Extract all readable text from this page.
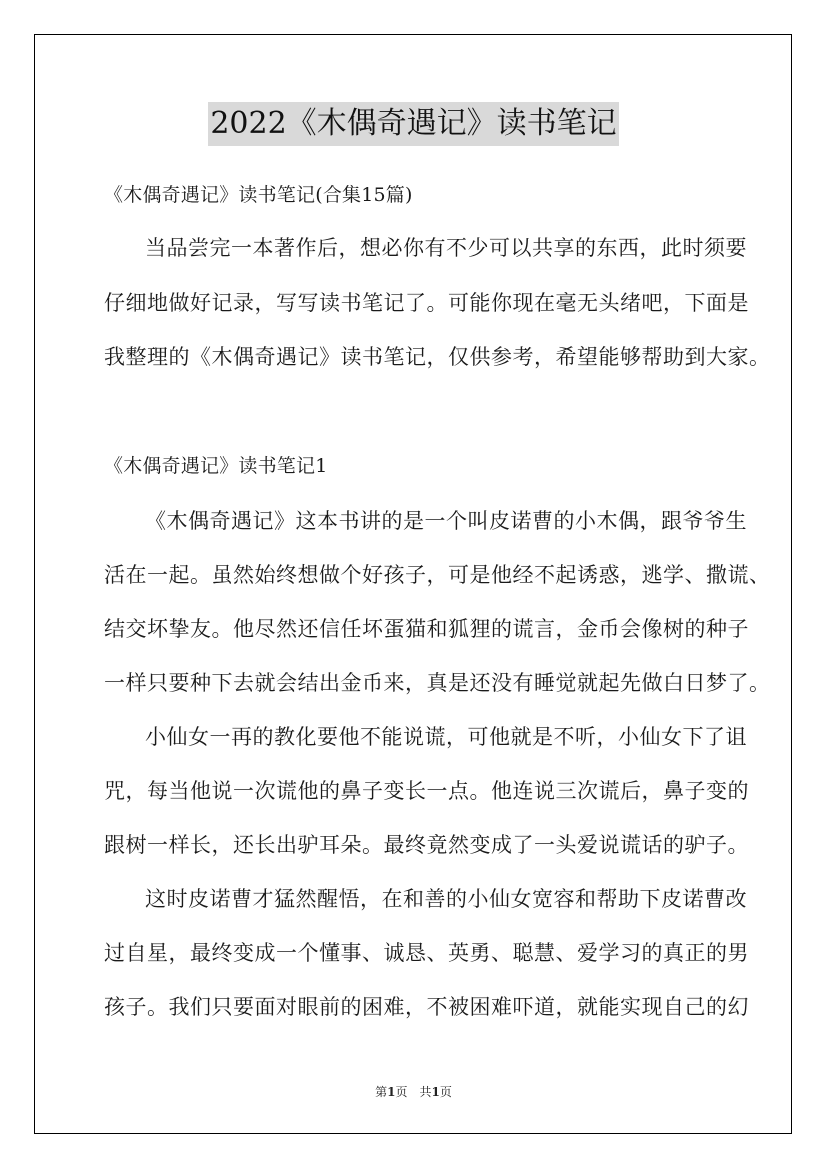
2022《木偶奇遇记》读书笔记
《木偶奇遇记》读书笔记(合集15篇)
当品尝完一本著作后，想必你有不少可以共享的东西，此时须要
仔细地做好记录，写写读书笔记了。可能你现在毫无头绪吧，下面是
我整理的《木偶奇遇记》读书笔记，仅供参考，希望能够帮助到大家。
《木偶奇遇记》读书笔记1
《木偶奇遇记》这本书讲的是一个叫皮诺曹的小木偶，跟爷爷生
活在一起。虽然始终想做个好孩子，可是他经不起诱惑，逃学、撒谎、
结交坏挚友。他尽然还信任坏蛋猫和狐狸的谎言，金币会像树的种子
一样只要种下去就会结出金币来，真是还没有睡觉就起先做白日梦了。
小仙女一再的教化要他不能说谎，可他就是不听，小仙女下了诅
咒，每当他说一次谎他的鼻子变长一点。他连说三次谎后，鼻子变的
跟树一样长，还长出驴耳朵。最终竟然变成了一头爱说谎话的驴子。
这时皮诺曹才猛然醒悟，在和善的小仙女宽容和帮助下皮诺曹改
过自星，最终变成一个懂事、诚恳、英勇、聪慧、爱学习的真正的男
孩子。我们只要面对眼前的困难，不被困难吓道，就能实现自己的幻
第1页　共1页
